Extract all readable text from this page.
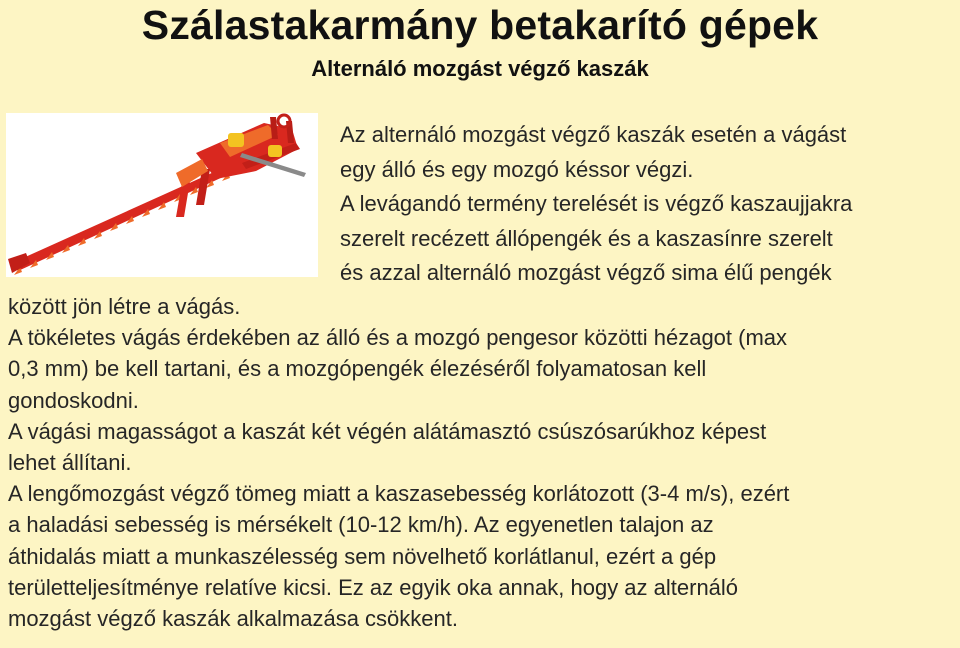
Szálastakarmány betakarító gépek
Alternáló mozgást végző kaszák
Az alternáló mozgást végző kaszák esetén a vágást
egy álló és egy mozgó késsor végzi.
A levágandó termény terelését is végző kaszaujjakra
szerelt recézett állópengék és a kaszasínre szerelt
és azzal alternáló mozgást végző sima élű pengék
között jön létre a vágás.
A tökéletes vágás érdekében az álló és a mozgó pengesor közötti hézagot (max
0,3 mm) be kell tartani, és a mozgópengék élezéséről folyamatosan kell
gondoskodni.
A vágási magasságot a kaszát két végén alátámasztó csúszósarúkhoz képest
lehet állítani.
A lengőmozgást végző tömeg miatt a kaszasebesség korlátozott (3-4 m/s), ezért
a haladási sebesség is mérsékelt (10-12 km/h). Az egyenetlen talajon az
áthidalás miatt a munkaszélesség sem növelhető korlátlanul, ezért a gép
területteljesítménye relatíve kicsi. Ez az egyik oka annak, hogy az alternáló
mozgást végző kaszák alkalmazása csökkent.
